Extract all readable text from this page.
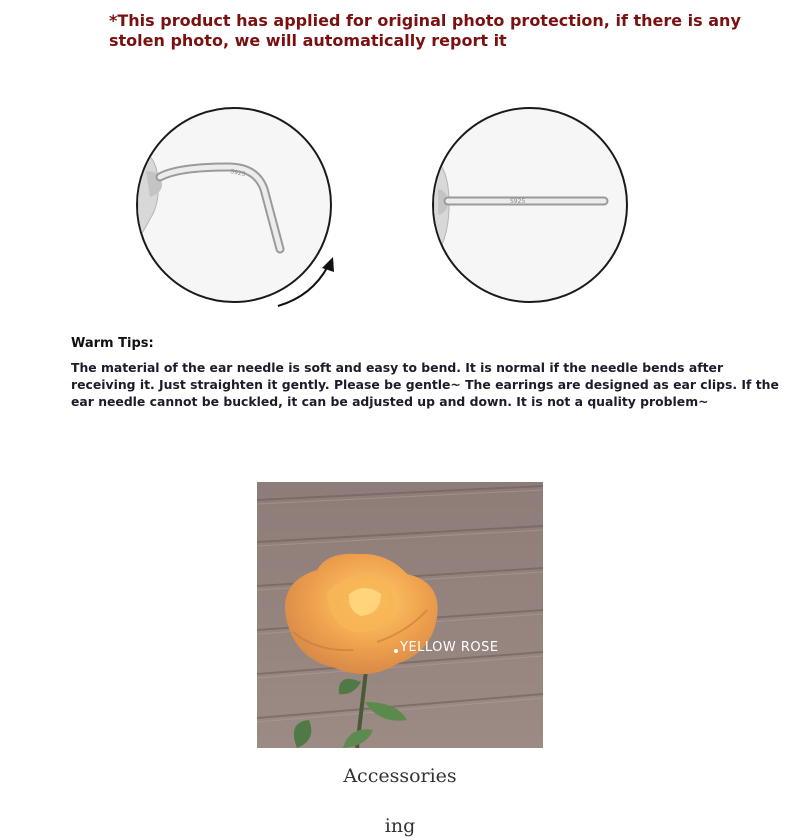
*This product has applied for original photo protection, if there is any stolen photo, we will automatically report it
S925
S925
Warm Tips:
The material of the ear needle is soft and easy to bend. It is normal if the needle bends after receiving it. Just straighten it gently. Please be gentle~ The earrings are designed as ear clips. If the ear needle cannot be buckled, it can be adjusted up and down. It is not a quality problem~
YELLOW ROSE
Accessories
ing
